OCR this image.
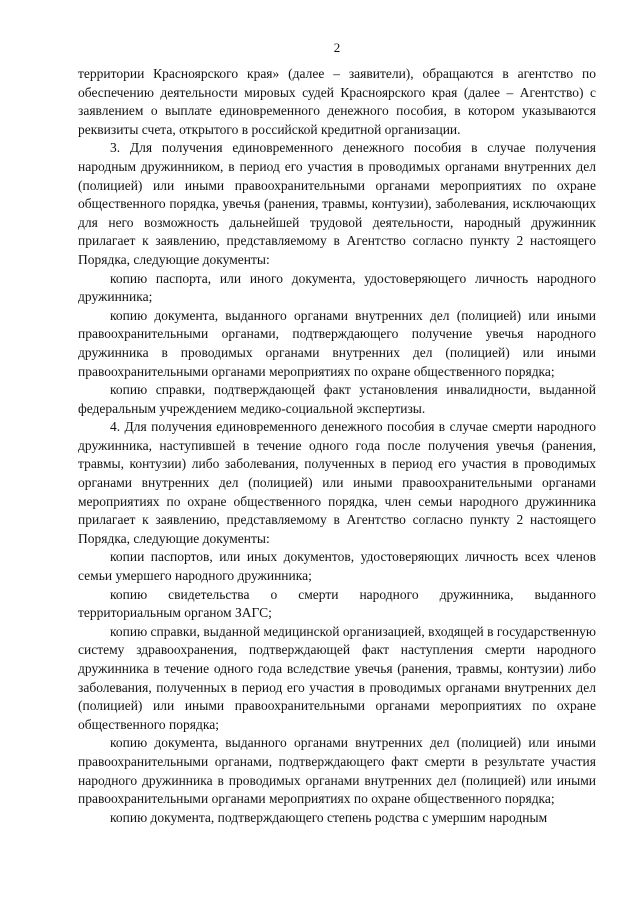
2

территории Красноярского края» (далее – заявители), обращаются в агентство по обеспечению деятельности мировых судей Красноярского края (далее – Агентство) с заявлением о выплате единовременного денежного пособия, в котором указываются реквизиты счета, открытого в российской кредитной организации.

3. Для получения единовременного денежного пособия в случае получения народным дружинником, в период его участия в проводимых органами внутренних дел (полицией) или иными правоохранительными органами мероприятиях по охране общественного порядка, увечья (ранения, травмы, контузии), заболевания, исключающих для него возможность дальнейшей трудовой деятельности, народный дружинник прилагает к заявлению, представляемому в Агентство согласно пункту 2 настоящего Порядка, следующие документы:

копию паспорта, или иного документа, удостоверяющего личность народного дружинника;

копию документа, выданного органами внутренних дел (полицией) или иными правоохранительными органами, подтверждающего получение увечья народного дружинника в проводимых органами внутренних дел (полицией) или иными правоохранительными органами мероприятиях по охране общественного порядка;

копию справки, подтверждающей факт установления инвалидности, выданной федеральным учреждением медико-социальной экспертизы.

4. Для получения единовременного денежного пособия в случае смерти народного дружинника, наступившей в течение одного года после получения увечья (ранения, травмы, контузии) либо заболевания, полученных в период его участия в проводимых органами внутренних дел (полицией) или иными правоохранительными органами мероприятиях по охране общественного порядка, член семьи народного дружинника прилагает к заявлению, представляемому в Агентство согласно пункту 2 настоящего Порядка, следующие документы:

копии паспортов, или иных документов, удостоверяющих личность всех членов семьи умершего народного дружинника;

копию свидетельства о смерти народного дружинника, выданного территориальным органом ЗАГС;

копию справки, выданной медицинской организацией, входящей в государственную систему здравоохранения, подтверждающей факт наступления смерти народного дружинника в течение одного года вследствие увечья (ранения, травмы, контузии) либо заболевания, полученных в период его участия в проводимых органами внутренних дел (полицией) или иными правоохранительными органами мероприятиях по охране общественного порядка;

копию документа, выданного органами внутренних дел (полицией) или иными правоохранительными органами, подтверждающего факт смерти в результате участия народного дружинника в проводимых органами внутренних дел (полицией) или иными правоохранительными органами мероприятиях по охране общественного порядка;

копию документа, подтверждающего степень родства с умершим народным
